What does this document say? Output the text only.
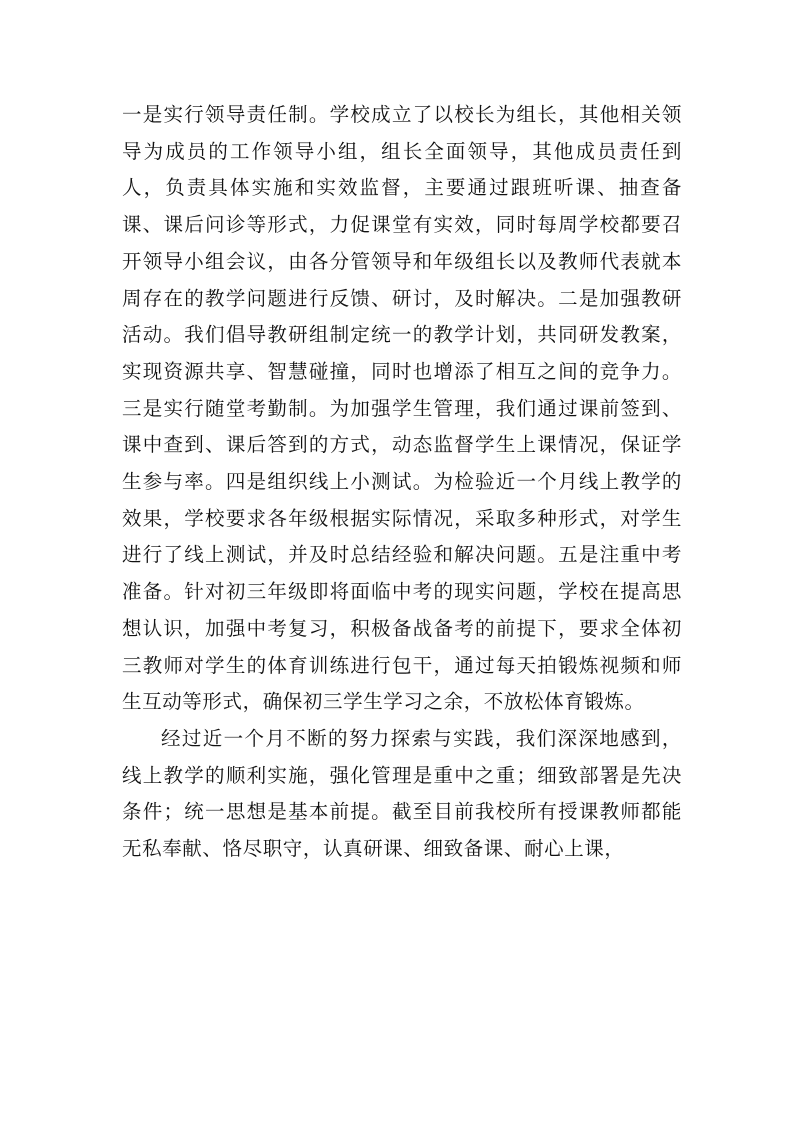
一是实行领导责任制。学校成立了以校长为组长，其他相关领导为成员的工作领导小组，组长全面领导，其他成员责任到人，负责具体实施和实效监督，主要通过跟班听课、抽查备课、课后问诊等形式，力促课堂有实效，同时每周学校都要召开领导小组会议，由各分管领导和年级组长以及教师代表就本周存在的教学问题进行反馈、研讨，及时解决。二是加强教研活动。我们倡导教研组制定统一的教学计划，共同研发教案，实现资源共享、智慧碰撞，同时也增添了相互之间的竞争力。三是实行随堂考勤制。为加强学生管理，我们通过课前签到、课中查到、课后答到的方式，动态监督学生上课情况，保证学生参与率。四是组织线上小测试。为检验近一个月线上教学的效果，学校要求各年级根据实际情况，采取多种形式，对学生进行了线上测试，并及时总结经验和解决问题。五是注重中考准备。针对初三年级即将面临中考的现实问题，学校在提高思想认识，加强中考复习，积极备战备考的前提下，要求全体初三教师对学生的体育训练进行包干，通过每天拍锻炼视频和师生互动等形式，确保初三学生学习之余，不放松体育锻炼。

经过近一个月不断的努力探索与实践，我们深深地感到，线上教学的顺利实施，强化管理是重中之重；细致部署是先决条件；统一思想是基本前提。截至目前我校所有授课教师都能无私奉献、恪尽职守，认真研课、细致备课、耐心上课，
